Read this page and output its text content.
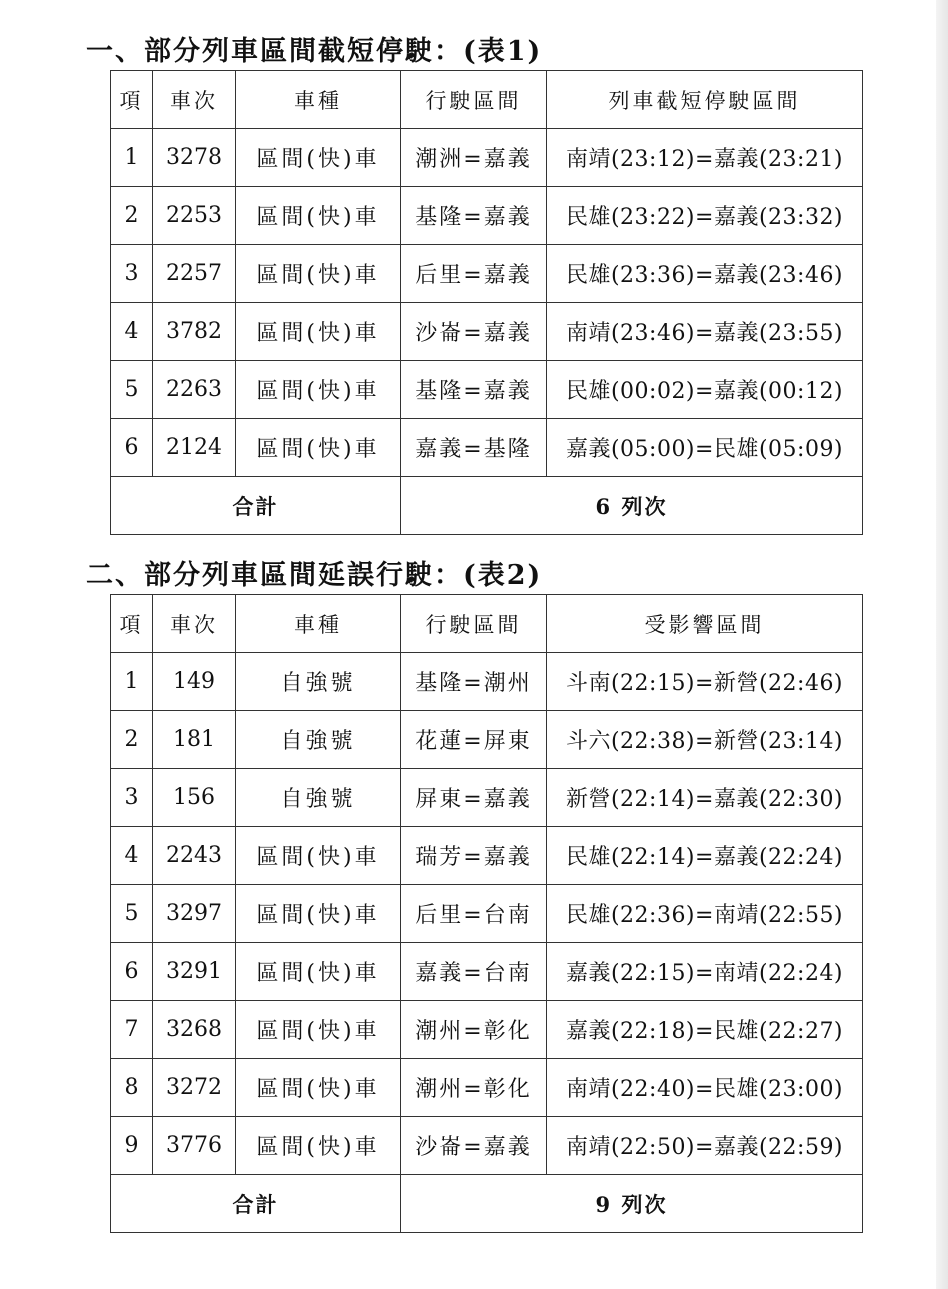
一、部分列車區間截短停駛：(表1)
項	車次	車種	行駛區間	列車截短停駛區間
1	3278	區間(快)車	潮洲=嘉義	南靖(23:12)=嘉義(23:21)
2	2253	區間(快)車	基隆=嘉義	民雄(23:22)=嘉義(23:32)
3	2257	區間(快)車	后里=嘉義	民雄(23:36)=嘉義(23:46)
4	3782	區間(快)車	沙崙=嘉義	南靖(23:46)=嘉義(23:55)
5	2263	區間(快)車	基隆=嘉義	民雄(00:02)=嘉義(00:12)
6	2124	區間(快)車	嘉義=基隆	嘉義(05:00)=民雄(05:09)
合計			6 列次	
二、部分列車區間延誤行駛：(表2)
項	車次	車種	行駛區間	受影響區間
1	149	自強號	基隆=潮州	斗南(22:15)=新營(22:46)
2	181	自強號	花蓮=屏東	斗六(22:38)=新營(23:14)
3	156	自強號	屏東=嘉義	新營(22:14)=嘉義(22:30)
4	2243	區間(快)車	瑞芳=嘉義	民雄(22:14)=嘉義(22:24)
5	3297	區間(快)車	后里=台南	民雄(22:36)=南靖(22:55)
6	3291	區間(快)車	嘉義=台南	嘉義(22:15)=南靖(22:24)
7	3268	區間(快)車	潮州=彰化	嘉義(22:18)=民雄(22:27)
8	3272	區間(快)車	潮州=彰化	南靖(22:40)=民雄(23:00)
9	3776	區間(快)車	沙崙=嘉義	南靖(22:50)=嘉義(22:59)
合計			9 列次	
